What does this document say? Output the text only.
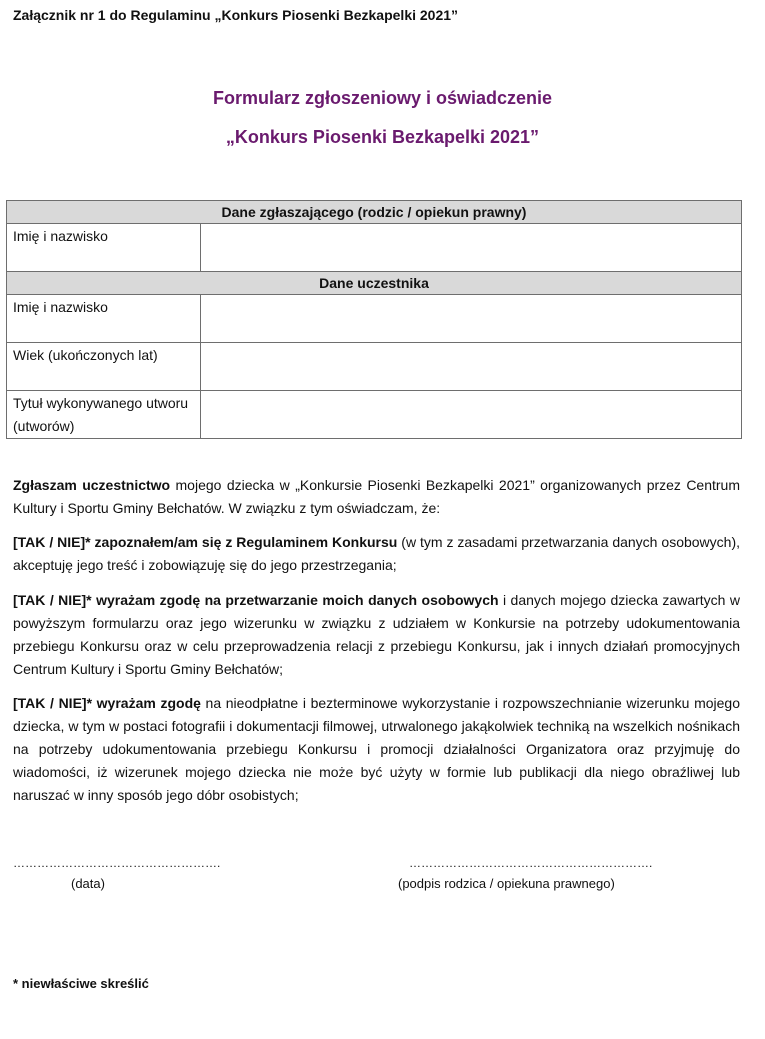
Załącznik nr 1 do Regulaminu „Konkurs Piosenki Bezkapelki 2021”
Formularz zgłoszeniowy i oświadczenie
„Konkurs Piosenki Bezkapelki 2021”
Dane zgłaszającego (rodzic / opiekun prawny)	
Imię i nazwisko	
Dane uczestnika	
Imię i nazwisko	
Wiek (ukończonych lat)	
Tytuł wykonywanego utworu (utworów)	
Zgłaszam uczestnictwo mojego dziecka w „Konkursie Piosenki Bezkapelki 2021” organizowanych przez Centrum Kultury i Sportu Gminy Bełchatów. W związku z tym oświadczam, że:
[TAK / NIE]* zapoznałem/am się z Regulaminem Konkursu (w tym z zasadami przetwarzania danych osobowych), akceptuję jego treść i zobowiązuję się do jego przestrzegania;
[TAK / NIE]* wyrażam zgodę na przetwarzanie moich danych osobowych i danych mojego dziecka zawartych w powyższym formularzu oraz jego wizerunku w związku z udziałem w Konkursie na potrzeby udokumentowania przebiegu Konkursu oraz w celu przeprowadzenia relacji z przebiegu Konkursu, jak i innych działań promocyjnych Centrum Kultury i Sportu Gminy Bełchatów;
[TAK / NIE]* wyrażam zgodę na nieodpłatne i bezterminowe wykorzystanie i rozpowszechnianie wizerunku mojego dziecka, w tym w postaci fotografii i dokumentacji filmowej, utrwalonego jakąkolwiek techniką na wszelkich nośnikach na potrzeby udokumentowania przebiegu Konkursu i promocji działalności Organizatora oraz przyjmuję do wiadomości, iż wizerunek mojego dziecka nie może być użyty w formie lub publikacji dla niego obraźliwej lub naruszać w inny sposób jego dóbr osobistych;
…………………………………………….	…………………………………………………….
(data)	(podpis rodzica / opiekuna prawnego)
* niewłaściwe skreślić
